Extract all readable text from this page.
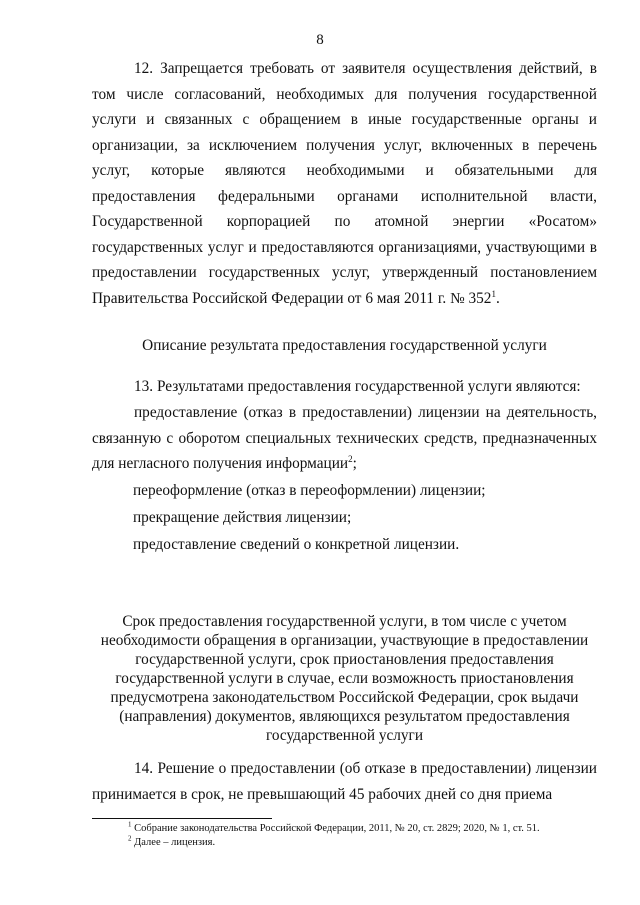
8

12. Запрещается требовать от заявителя осуществления действий, в том числе согласований, необходимых для получения государственной услуги и связанных с обращением в иные государственные органы и организации, за исключением получения услуг, включенных в перечень услуг, которые являются необходимыми и обязательными для предоставления федеральными органами исполнительной власти, Государственной корпорацией по атомной энергии «Росатом» государственных услуг и предоставляются организациями, участвующими в предоставлении государственных услуг, утвержденный постановлением Правительства Российской Федерации от 6 мая 2011 г. № $352^1$.

Описание результата предоставления государственной услуги

13. Результатами предоставления государственной услуги являются:

предоставление (отказ в предоставлении) лицензии на деятельность, связанную с оборотом специальных технических средств, предназначенных для негласного получения информации$^2$;

переоформление (отказ в переоформлении) лицензии;

прекращение действия лицензии;

предоставление сведений о конкретной лицензии.

Срок предоставления государственной услуги, в том числе с учетом
необходимости обращения в организации, участвующие в предоставлении
государственной услуги, срок приостановления предоставления
государственной услуги в случае, если возможность приостановления
предусмотрена законодательством Российской Федерации, срок выдачи
(направления) документов, являющихся результатом предоставления
государственной услуги

14. Решение о предоставлении (об отказе в предоставлении) лицензии принимается в срок, не превышающий 45 рабочих дней со дня приема

$^1$ Собрание законодательства Российской Федерации, 2011, № 20, ст. 2829; 2020, № 1, ст. 51.

$^2$ Далее – лицензия.
